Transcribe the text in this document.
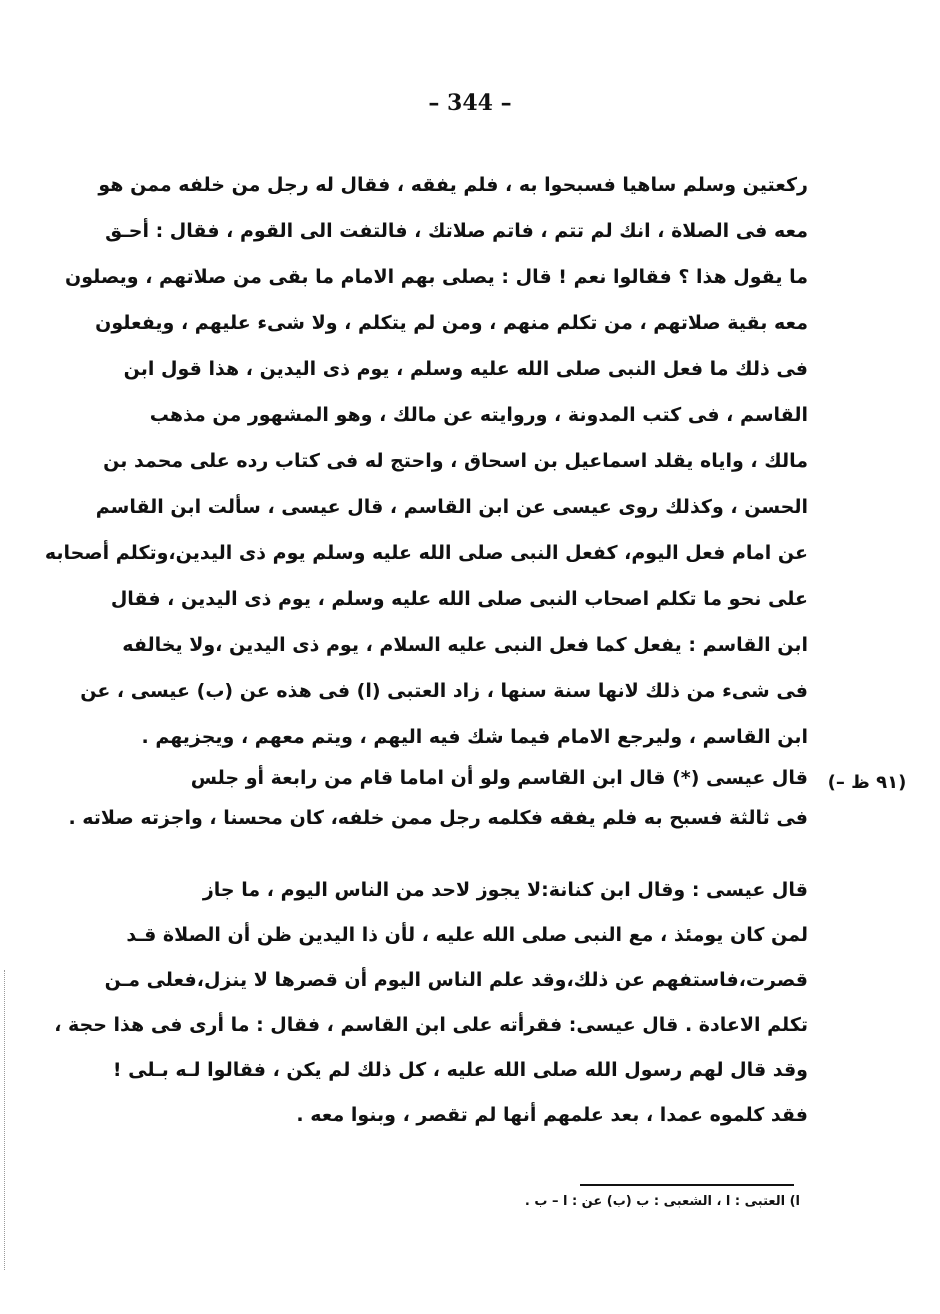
– 344 –
ركعتين وسلم ساهيا فسبحوا به ، فلم يفقه ، فقال له رجل من خلفه ممن هو
معه فى الصلاة ، انك لم تتم ، فاتم صلاتك ، فالتفت الى القوم ، فقال : أحـق
ما يقول هذا ؟ فقالوا نعم ! قال : يصلى بهم الامام ما بقى من صلاتهم ، ويصلون
معه بقية صلاتهم ، من تكلم منهم ، ومن لم يتكلم ، ولا شىء عليهم ، ويفعلون
فى ذلك ما فعل النبى صلى الله عليه وسلم ، يوم ذى اليدين ، هذا قول ابن
القاسم ، فى كتب المدونة ، وروايته عن مالك ، وهو المشهور من مذهب
مالك ، واياه يقلد اسماعيل بن اسحاق ، واحتج له فى كتاب رده على محمد بن
الحسن ، وكذلك روى عيسى عن ابن القاسم ، قال عيسى ، سألت ابن القاسم
عن امام فعل اليوم، كفعل النبى صلى الله عليه وسلم يوم ذى اليدين،وتكلم أصحابه
على نحو ما تكلم اصحاب النبى صلى الله عليه وسلم ، يوم ذى اليدين ، فقال
ابن القاسم : يفعل كما فعل النبى عليه السلام ، يوم ذى اليدين ،ولا يخالفه
فى شىء من ذلك لانها سنة سنها ، زاد العتبى (ا) فى هذه عن (ب) عيسى ، عن
ابن القاسم ، وليرجع الامام فيما شك فيه اليهم ، ويتم معهم ، ويجزيهم .
(٩١ ظ –)
قال عيسى (*) قال ابن القاسم ولو أن اماما قام من رابعة أو جلس
فى ثالثة فسبح به فلم يفقه فكلمه رجل ممن خلفه، كان محسنا ، واجزته صلاته .
قال عيسى : وقال ابن كنانة:لا يجوز لاحد من الناس اليوم ، ما جاز
لمن كان يومئذ ، مع النبى صلى الله عليه ، لأن ذا اليدين ظن أن الصلاة قـد
قصرت،فاستفهم عن ذلك،وقد علم الناس اليوم أن قصرها لا ينزل،فعلى مـن
تكلم الاعادة . قال عيسى: فقرأته على ابن القاسم ، فقال : ما أرى فى هذا حجة ،
وقد قال لهم رسول الله صلى الله عليه ، كل ذلك لم يكن ، فقالوا لـه بـلى !
فقد كلموه عمدا ، بعد علمهم أنها لم تقصر ، وبنوا معه .
ا) العتبى : ا ، الشعبى : ب (ب) عن : ا – ب .
